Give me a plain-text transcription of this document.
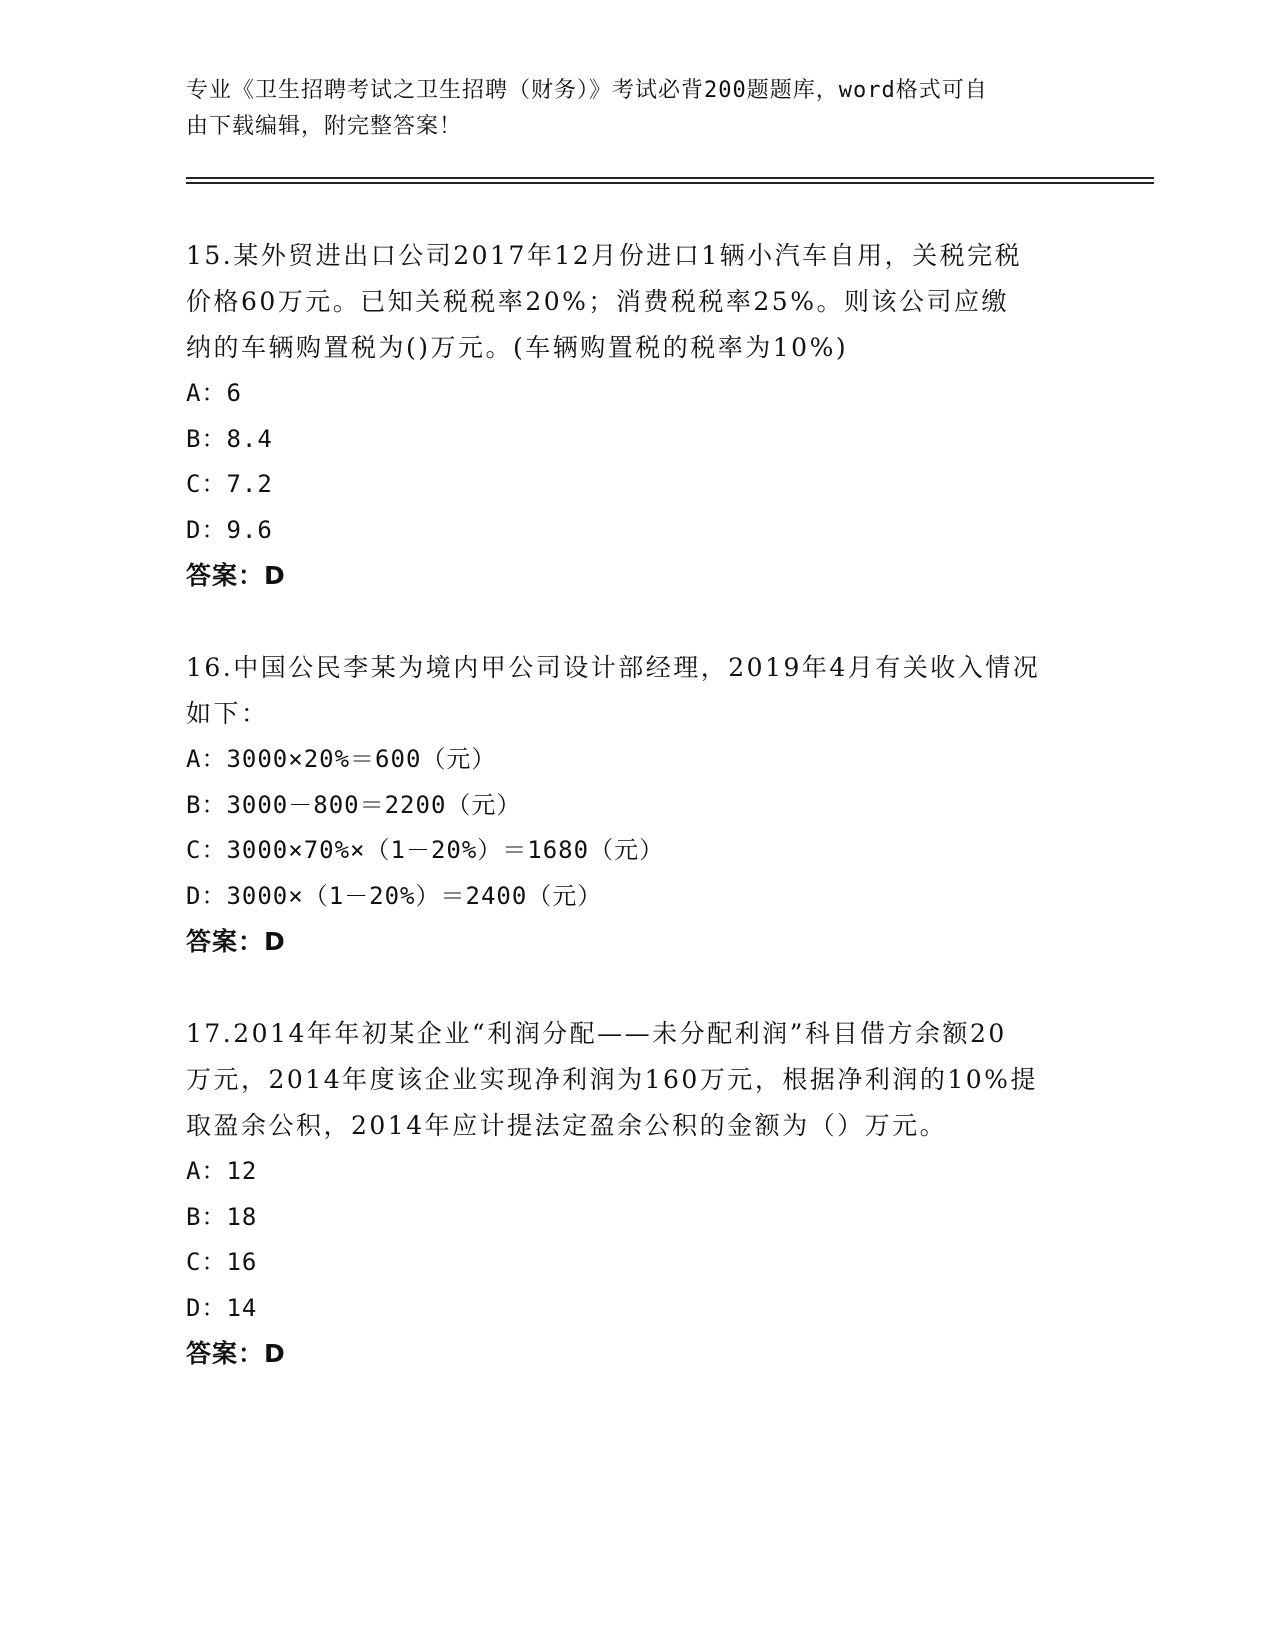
专业《卫生招聘考试之卫生招聘（财务）》考试必背200题题库，word格式可自
由下载编辑，附完整答案！
15.某外贸进出口公司2017年12月份进口1辆小汽车自用，关税完税
价格60万元。已知关税税率20%；消费税税率25%。则该公司应缴
纳的车辆购置税为()万元。(车辆购置税的税率为10%)
A：6
B：8.4
C：7.2
D：9.6
答案：D
16.中国公民李某为境内甲公司设计部经理，2019年4月有关收入情况
如下：
A：3000×20%＝600（元）
B：3000－800＝2200（元）
C：3000×70%×（1－20%）＝1680（元）
D：3000×（1－20%）＝2400（元）
答案：D
17.2014年年初某企业“利润分配——未分配利润”科目借方余额20
万元，2014年度该企业实现净利润为160万元，根据净利润的10%提
取盈余公积，2014年应计提法定盈余公积的金额为（）万元。
A：12
B：18
C：16
D：14
答案：D
